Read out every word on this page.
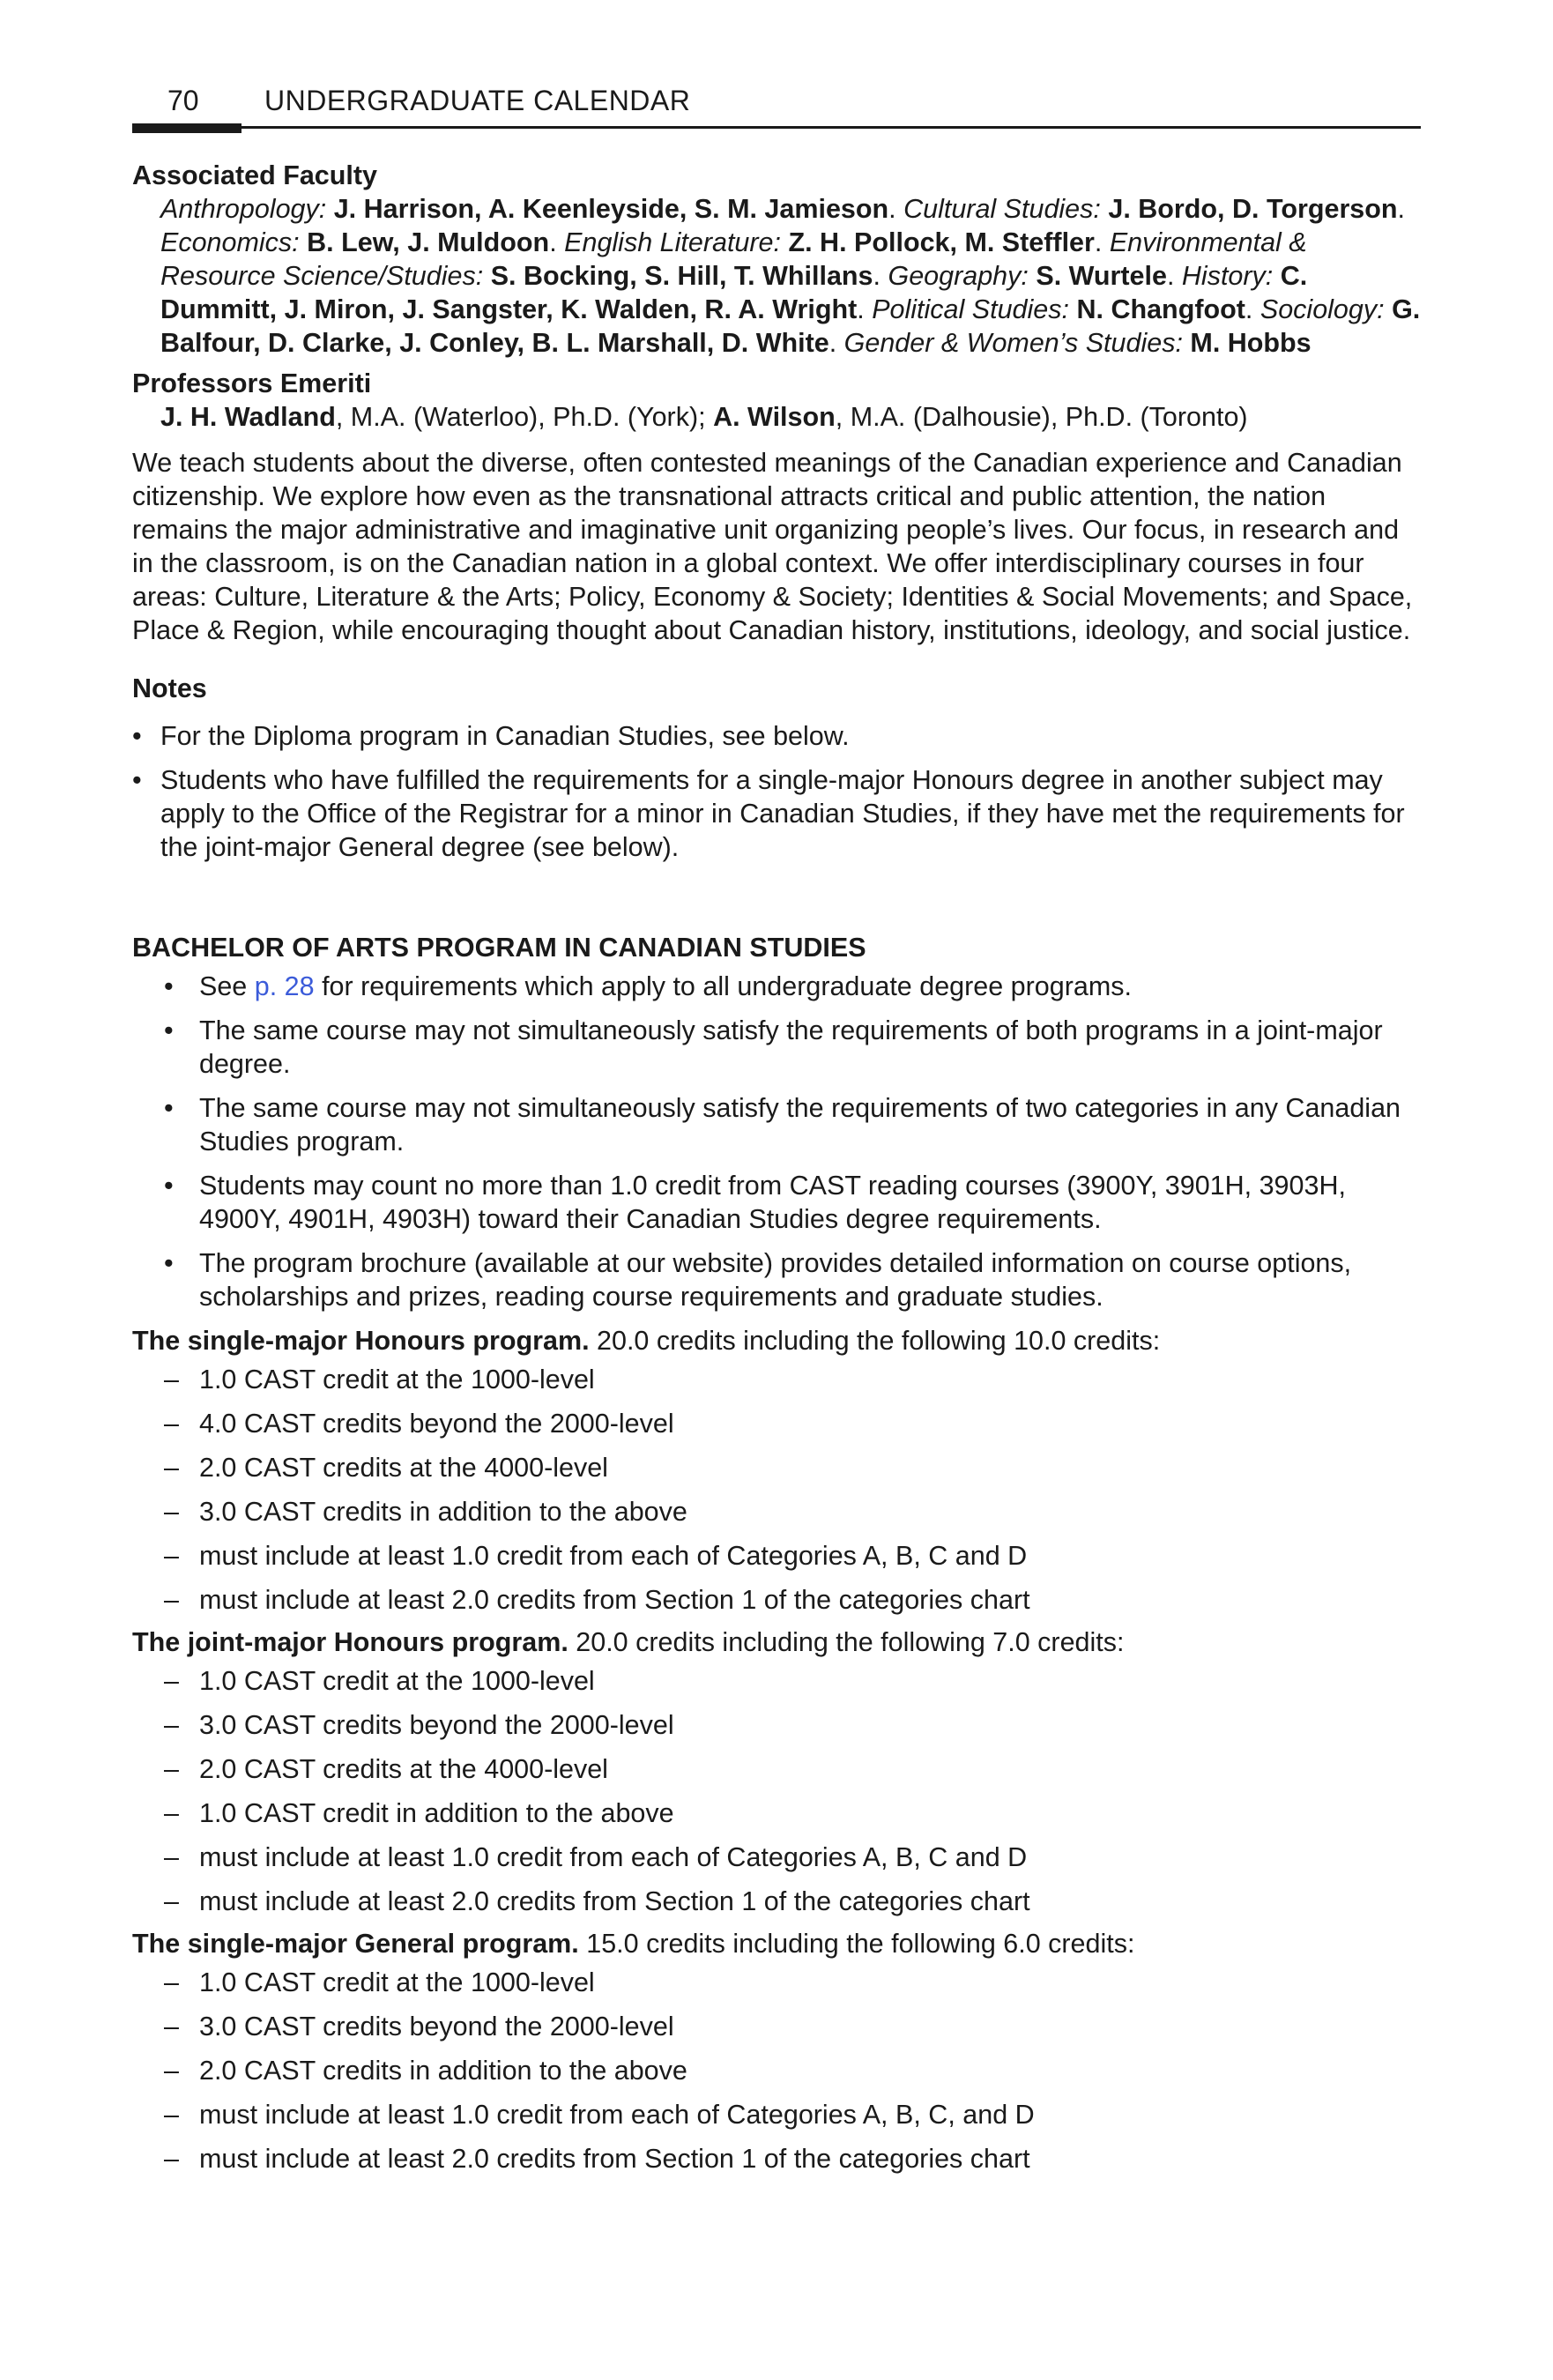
70 UNDERGRADUATE CALENDAR

Associated Faculty

Anthropology: J. Harrison, A. Keenleyside, S. M. Jamieson. Cultural Studies: J. Bordo, D. Torgerson. Economics: B. Lew, J. Muldoon. English Literature: Z. H. Pollock, M. Steffler. Environmental & Resource Science/Studies: S. Bocking, S. Hill, T. Whillans. Geography: S. Wurtele. History: C. Dummitt, J. Miron, J. Sangster, K. Walden, R. A. Wright. Political Studies: N. Changfoot. Sociology: G. Balfour, D. Clarke, J. Conley, B. L. Marshall, D. White. Gender & Women’s Studies: M. Hobbs

Professors Emeriti

J. H. Wadland, M.A. (Waterloo), Ph.D. (York); A. Wilson, M.A. (Dalhousie), Ph.D. (Toronto)

We teach students about the diverse, often contested meanings of the Canadian experience and Canadian citizenship. We explore how even as the transnational attracts critical and public attention, the nation remains the major administrative and imaginative unit organizing people’s lives. Our focus, in research and in the classroom, is on the Canadian nation in a global context. We offer interdisciplinary courses in four areas: Culture, Literature & the Arts; Policy, Economy & Society; Identities & Social Movements; and Space, Place & Region, while encouraging thought about Canadian history, institutions, ideology, and social justice.

Notes

• For the Diploma program in Canadian Studies, see below.
• Students who have fulfilled the requirements for a single-major Honours degree in another subject may apply to the Office of the Registrar for a minor in Canadian Studies, if they have met the requirements for the joint-major General degree (see below).

BACHELOR OF ARTS PROGRAM IN CANADIAN STUDIES

• See p. 28 for requirements which apply to all undergraduate degree programs.
• The same course may not simultaneously satisfy the requirements of both programs in a joint-major degree.
• The same course may not simultaneously satisfy the requirements of two categories in any Canadian Studies program.
• Students may count no more than 1.0 credit from CAST reading courses (3900Y, 3901H, 3903H, 4900Y, 4901H, 4903H) toward their Canadian Studies degree requirements.
• The program brochure (available at our website) provides detailed information on course options, scholarships and prizes, reading course requirements and graduate studies.

The single-major Honours program. 20.0 credits including the following 10.0 credits:

– 1.0 CAST credit at the 1000-level
– 4.0 CAST credits beyond the 2000-level
– 2.0 CAST credits at the 4000-level
– 3.0 CAST credits in addition to the above
– must include at least 1.0 credit from each of Categories A, B, C and D
– must include at least 2.0 credits from Section 1 of the categories chart

The joint-major Honours program. 20.0 credits including the following 7.0 credits:

– 1.0 CAST credit at the 1000-level
– 3.0 CAST credits beyond the 2000-level
– 2.0 CAST credits at the 4000-level
– 1.0 CAST credit in addition to the above
– must include at least 1.0 credit from each of Categories A, B, C and D
– must include at least 2.0 credits from Section 1 of the categories chart

The single-major General program. 15.0 credits including the following 6.0 credits:

– 1.0 CAST credit at the 1000-level
– 3.0 CAST credits beyond the 2000-level
– 2.0 CAST credits in addition to the above
– must include at least 1.0 credit from each of Categories A, B, C, and D
– must include at least 2.0 credits from Section 1 of the categories chart
